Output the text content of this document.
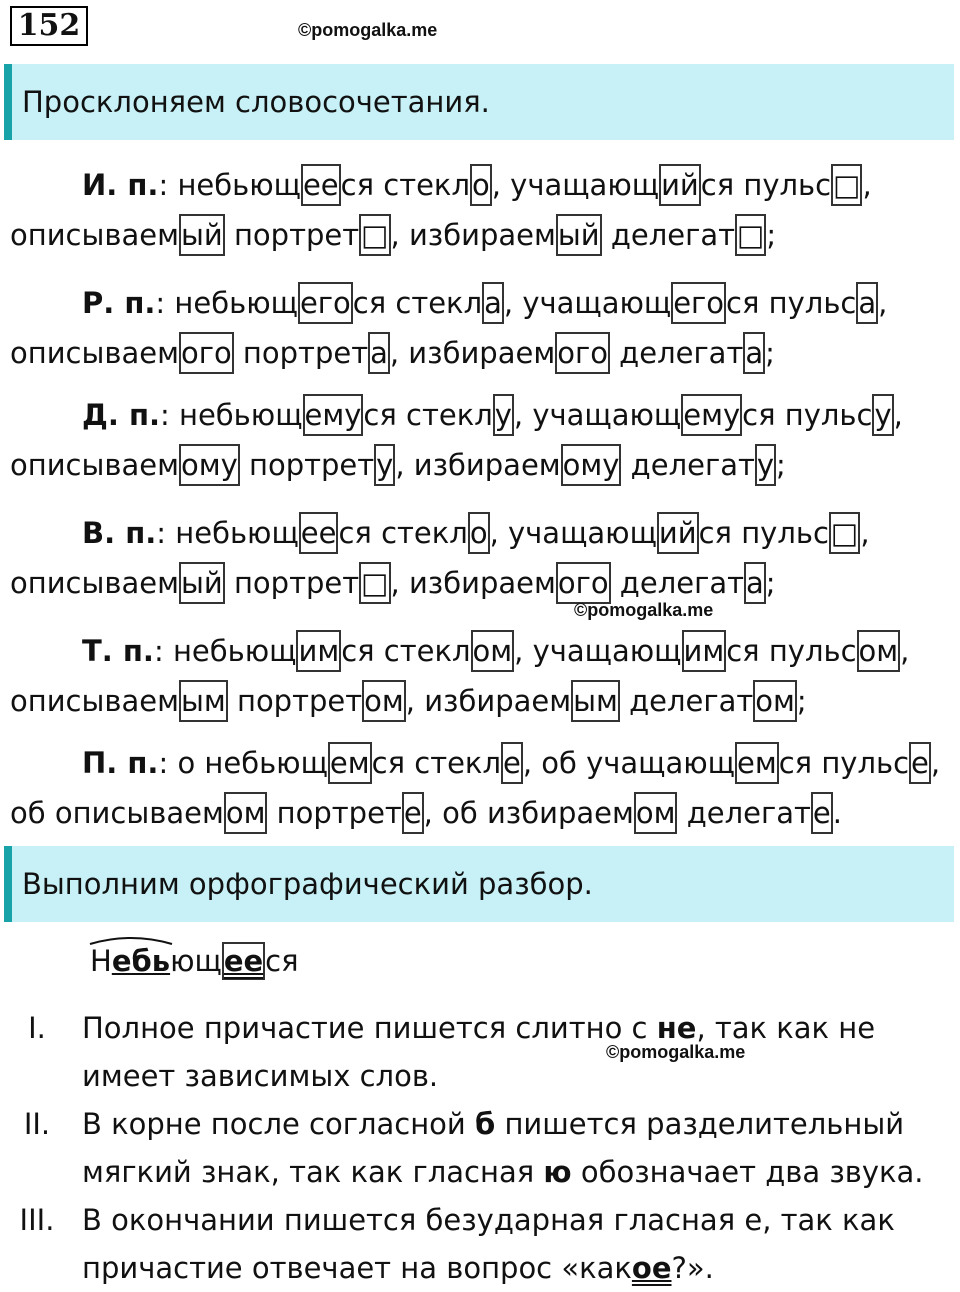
152	©pomogalka.me
Просклоняем словосочетания.
И. п.: небьющееся стекло, учащающийся пульс□,
описываемый портрет□, избираемый делегат□;
Р. п.: небьющегося стекла, учащающегося пульса,
описываемого портрета, избираемого делегата;
Д. п.: небьющемуся стеклу, учащающемуся пульсу,
описываемому портрету, избираемому делегату;
В. п.: небьющееся стекло, учащающийся пульс□,
описываемый портрет□, избираемого делегата;
Т. п.: небьющимся стеклом, учащающимся пульсом,
описываемым портретом, избираемым делегатом;
П. п.: о небьющемся стекле, об учащающемся пульсе,
об описываемом портрете, об избираемом делегате.
©pomogalka.me
Выполним орфографический разбор.
Небьющееся
©pomogalka.me
I.	Полное причастие пишется слитно с не, так как не
имеет зависимых слов.
II.	В корне после согласной б пишется разделительный
мягкий знак, так как гласная ю обозначает два звука.
III. В окончании пишется безударная гласная е, так как
причастие отвечает на вопрос «какое?».
